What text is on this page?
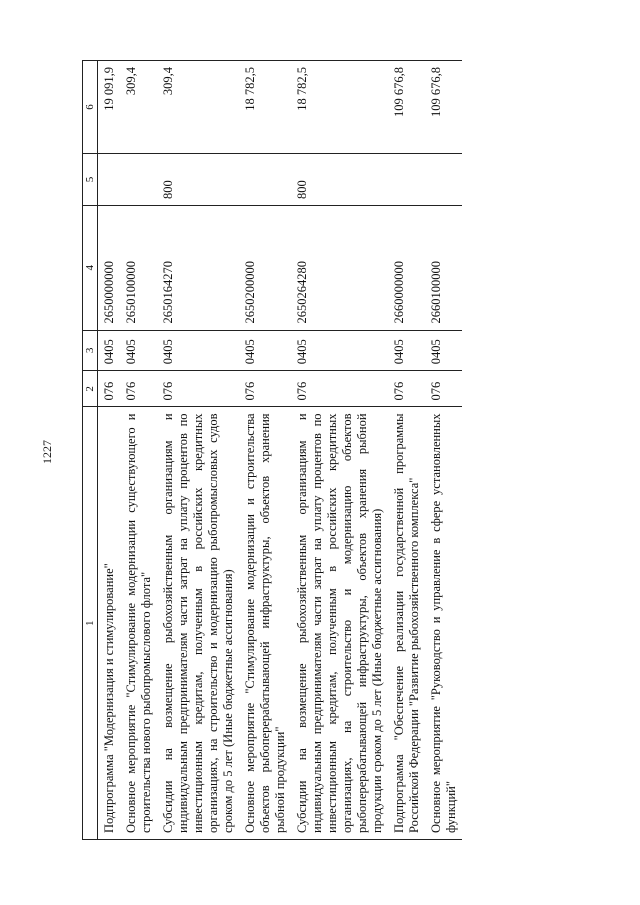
1227
1	2	3	4	5	6
Подпрограмма "Модернизация и стимулирование"	076	0405	2650000000		19 091,9
Основное мероприятие "Стимулирование модернизации существующего и строительства нового рыбопромыслового флота"	076	0405	2650100000		309,4
Субсидии на возмещение рыбохозяйственным организациям и индивидуальным предпринимателям части затрат на уплату процентов по инвестиционным кредитам, полученным в российских кредитных организациях, на строительство и модернизацию рыбопромысловых судов сроком до 5 лет (Иные бюджетные ассигнования)	076	0405	2650164270	800	309,4
Основное мероприятие "Стимулирование модернизации и строительства объектов рыбоперерабатывающей инфраструктуры, объектов хранения рыбной продукции"	076	0405	2650200000		18 782,5
Субсидии на возмещение рыбохозяйственным организациям и индивидуальным предпринимателям части затрат на уплату процентов по инвестиционным кредитам, полученным в российских кредитных организациях, на строительство и модернизацию объектов рыбоперерабатывающей инфраструктуры, объектов хранения рыбной продукции сроком до 5 лет (Иные бюджетные ассигнования)	076	0405	2650264280	800	18 782,5
Подпрограмма "Обеспечение реализации государственной программы Российской Федерации "Развитие рыбохозяйственного комплекса"	076	0405	2660000000		109 676,8
Основное мероприятие "Руководство и управление в сфере установленных функций"	076	0405	2660100000		109 676,8
